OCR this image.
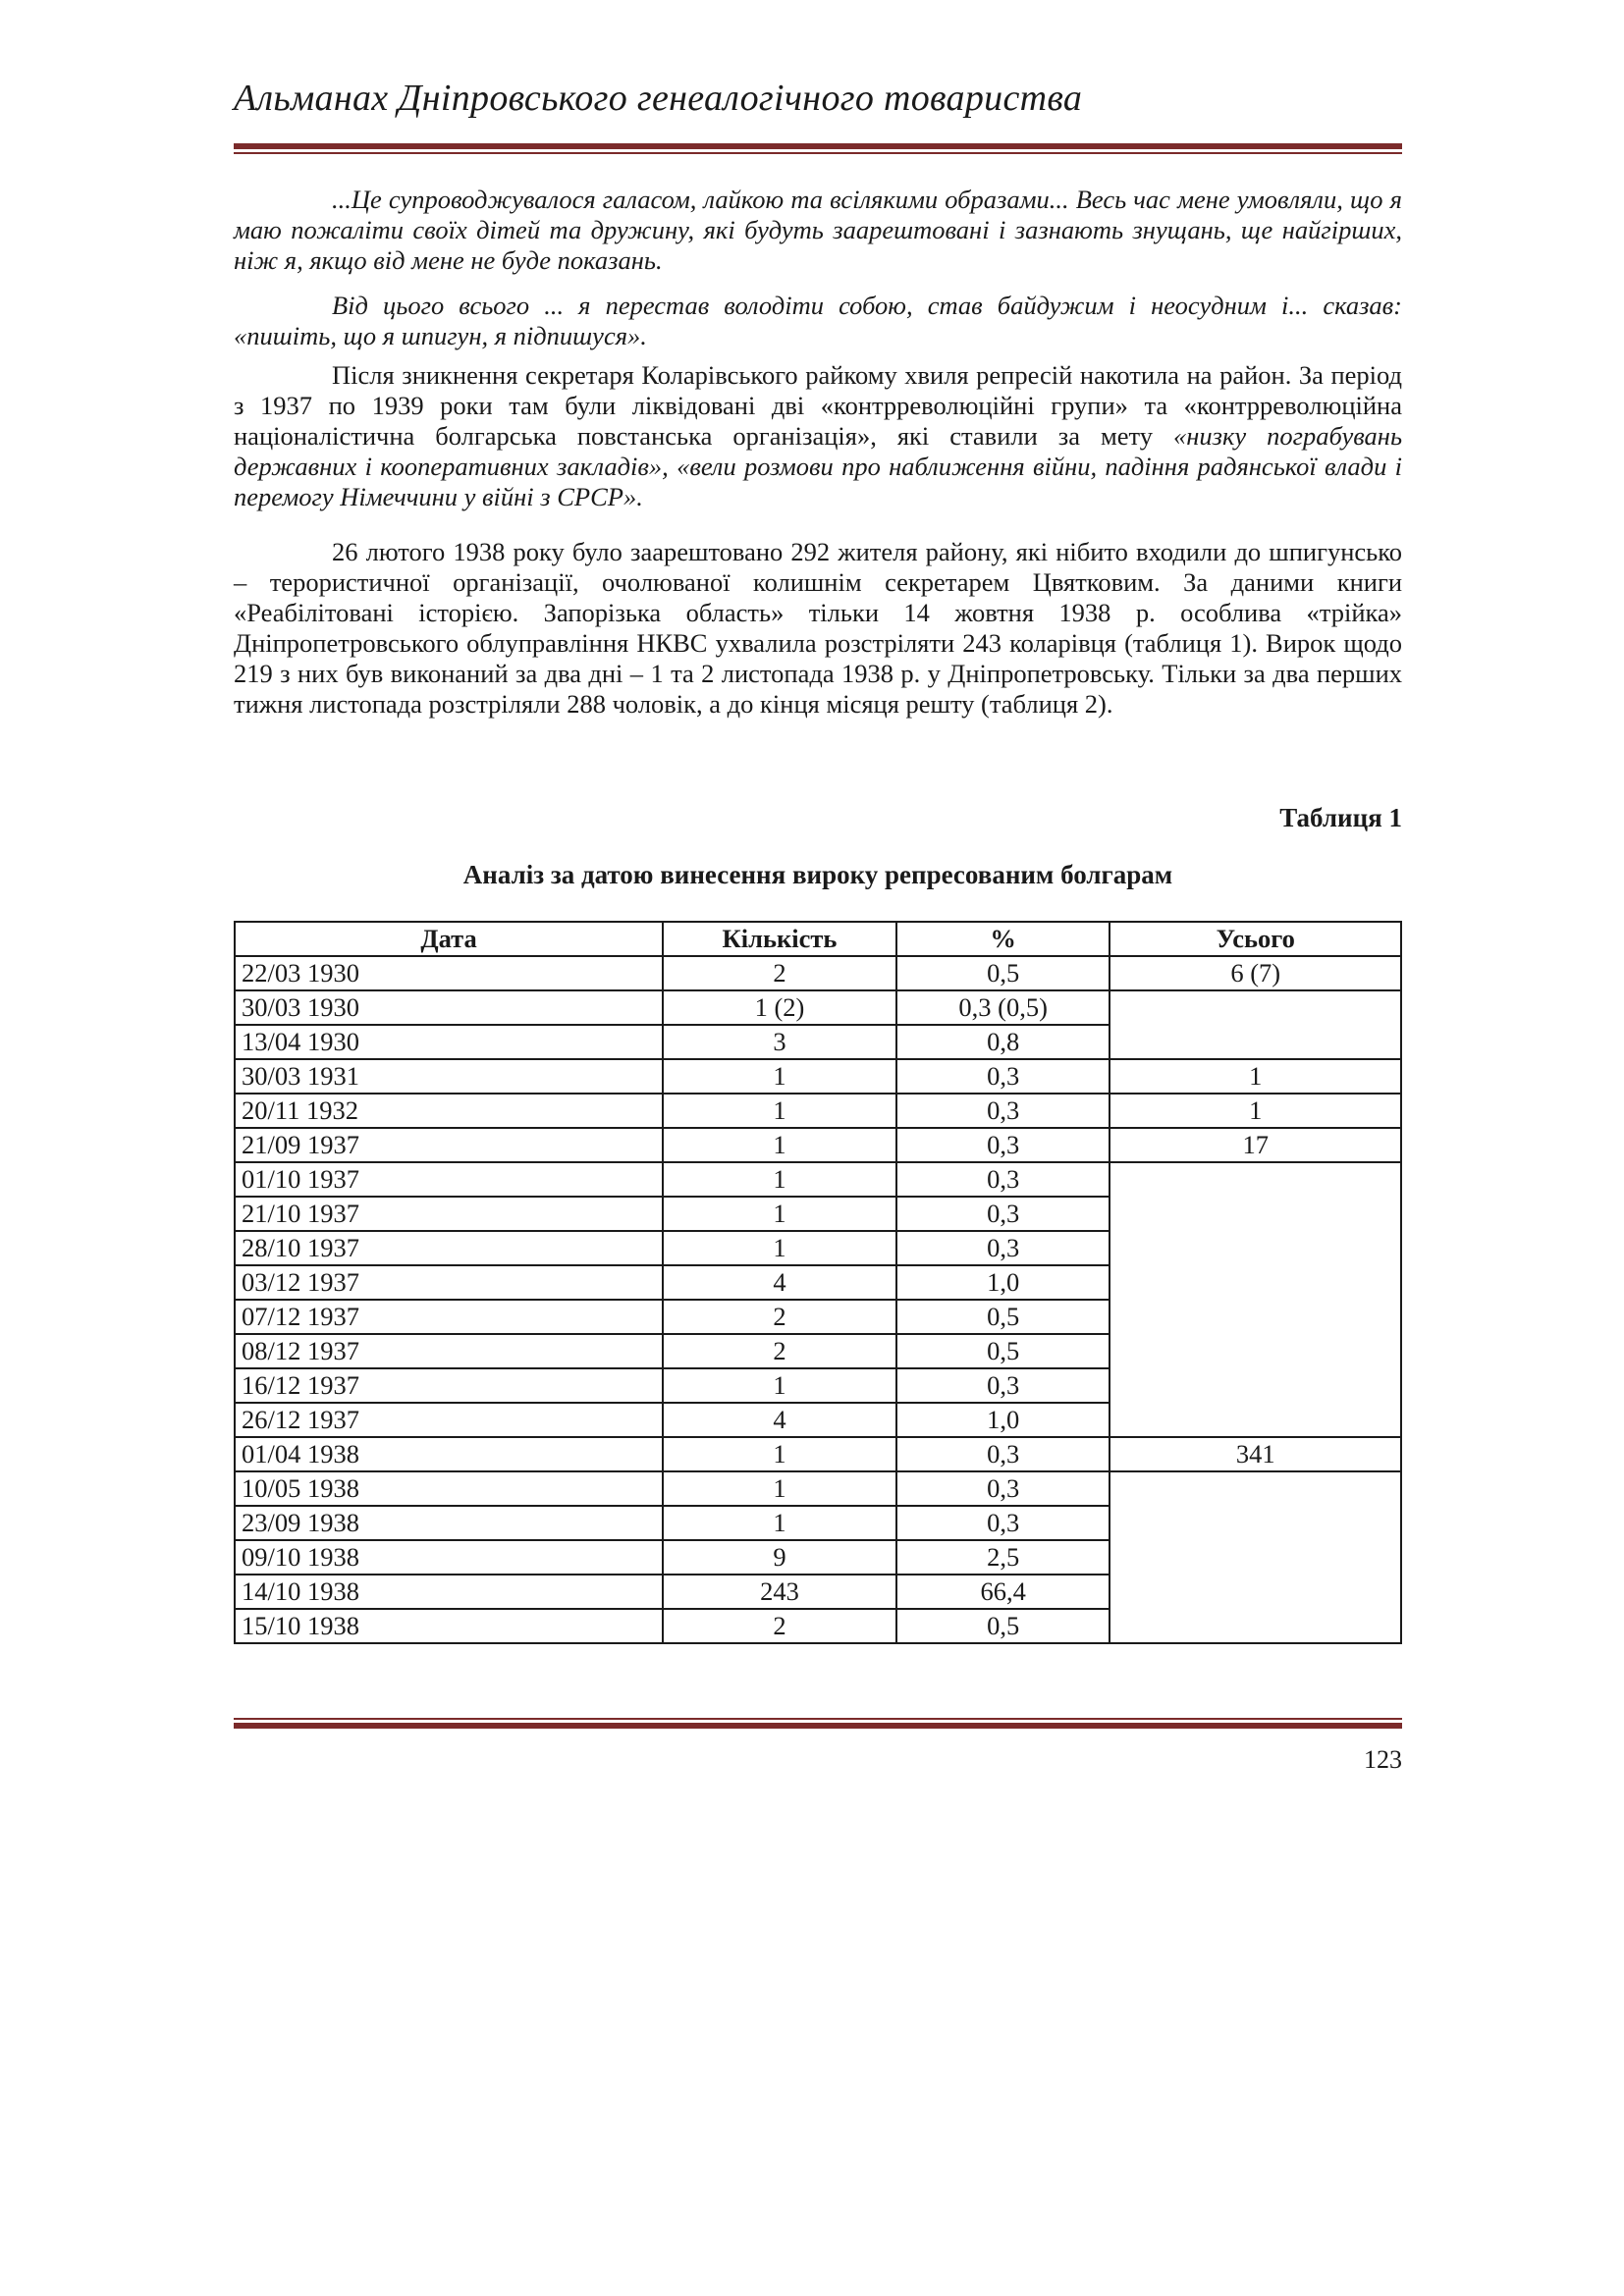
Альманах Дніпровського генеалогічного товариства

...Це супроводжувалося галасом, лайкою та всілякими образами... Весь час мене умовляли, що я маю пожаліти своїх дітей та дружину, які будуть заарештовані і зазнають знущань, ще найгірших, ніж я, якщо від мене не буде показань.

Від цього всього ... я перестав володіти собою, став байдужим і неосудним і... сказав: «пишіть, що я шпигун, я підпишуся».

Після зникнення секретаря Коларівського райкому хвиля репресій накотила на район. За період з 1937 по 1939 роки там були ліквідовані дві «контрреволюційні групи» та «контрреволюційна націоналістична болгарська повстанська організація», які ставили за мету «низку пограбувань державних і кооперативних закладів», «вели розмови про наближення війни, падіння радянської влади і перемогу Німеччини у війні з СРСР».

26 лютого 1938 року було заарештовано 292 жителя району, які нібито входили до шпигунсько – терористичної організації, очолюваної колишнім секретарем Цвятковим. За даними книги «Реабілітовані історією. Запорізька область» тільки 14 жовтня 1938 р. особлива «трійка» Дніпропетровського облуправління НКВС ухвалила розстріляти 243 коларівця (таблиця 1). Вирок щодо 219 з них був виконаний за два дні – 1 та 2 листопада 1938 р. у Дніпропетровську. Тільки за два перших тижня листопада розстріляли 288 чоловік, а до кінця місяця решту (таблиця 2).

Таблиця 1
Аналіз за датою винесення вироку репресованим болгарам
Дата	Кількість	%	Усього
22/03 1930	2	0,5	6 (7)
30/03 1930	1 (2)	0,3 (0,5)	
13/04 1930	3	0,8	
30/03 1931	1	0,3	1
20/11 1932	1	0,3	1
21/09 1937	1	0,3	17
01/10 1937	1	0,3	
21/10 1937	1	0,3	
28/10 1937	1	0,3	
03/12 1937	4	1,0	
07/12 1937	2	0,5	
08/12 1937	2	0,5	
16/12 1937	1	0,3	
26/12 1937	4	1,0	
01/04 1938	1	0,3	341
10/05 1938	1	0,3	
23/09 1938	1	0,3	
09/10 1938	9	2,5	
14/10 1938	243	66,4	
15/10 1938	2	0,5	
123
